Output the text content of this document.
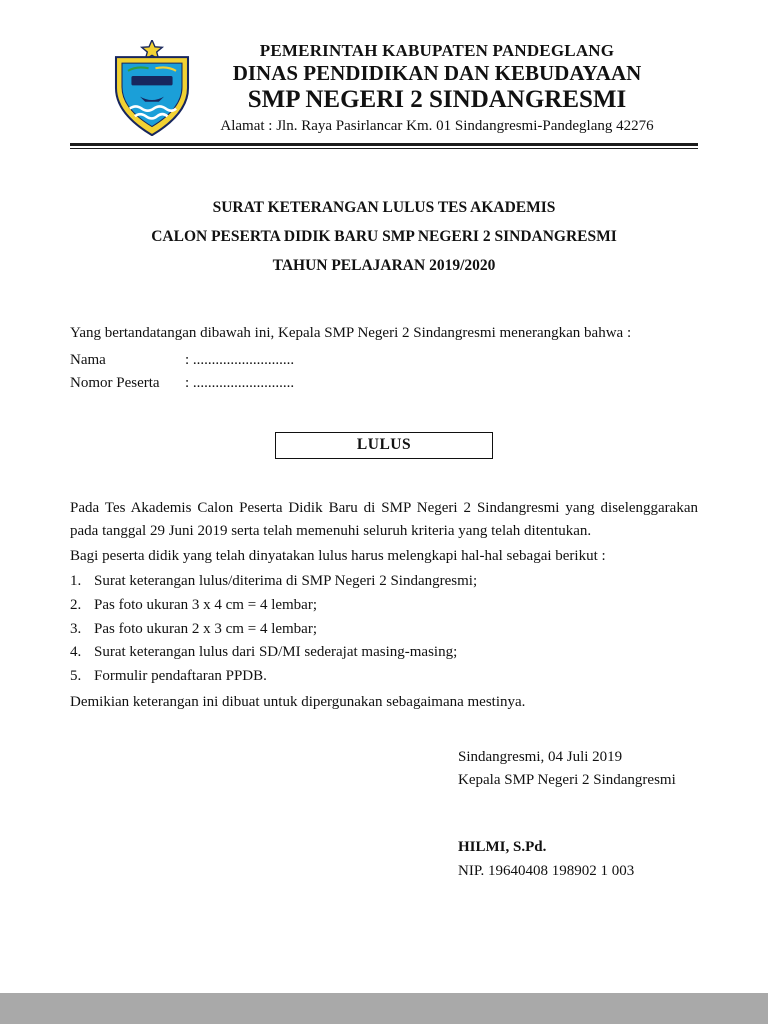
PEMERINTAH KABUPATEN PANDEGLANG
DINAS PENDIDIKAN DAN KEBUDAYAAN
SMP NEGERI 2 SINDANGRESMI
Alamat : Jln. Raya Pasirlancar Km. 01 Sindangresmi-Pandeglang 42276
SURAT KETERANGAN LULUS TES AKADEMIS
CALON PESERTA DIDIK BARU SMP NEGERI 2 SINDANGRESMI
TAHUN PELAJARAN 2019/2020
Yang bertandatangan dibawah ini, Kepala SMP Negeri 2 Sindangresmi menerangkan bahwa :
Nama	: ...........................
Nomor Peserta	: ...........................
LULUS
Pada Tes Akademis Calon Peserta Didik Baru di SMP Negeri 2 Sindangresmi yang diselenggarakan pada tanggal 29 Juni 2019 serta telah memenuhi seluruh kriteria yang telah ditentukan.
Bagi peserta didik yang telah dinyatakan lulus harus melengkapi hal-hal sebagai berikut :
1. Surat keterangan lulus/diterima di SMP Negeri 2 Sindangresmi;
2. Pas foto ukuran 3 x 4 cm = 4 lembar;
3. Pas foto ukuran 2 x 3 cm = 4 lembar;
4. Surat keterangan lulus dari SD/MI sederajat masing-masing;
5. Formulir pendaftaran PPDB.
Demikian keterangan ini dibuat untuk dipergunakan sebagaimana mestinya.
Sindangresmi, 04 Juli 2019
Kepala SMP Negeri 2 Sindangresmi
HILMI, S.Pd.
NIP. 19640408 198902 1 003
